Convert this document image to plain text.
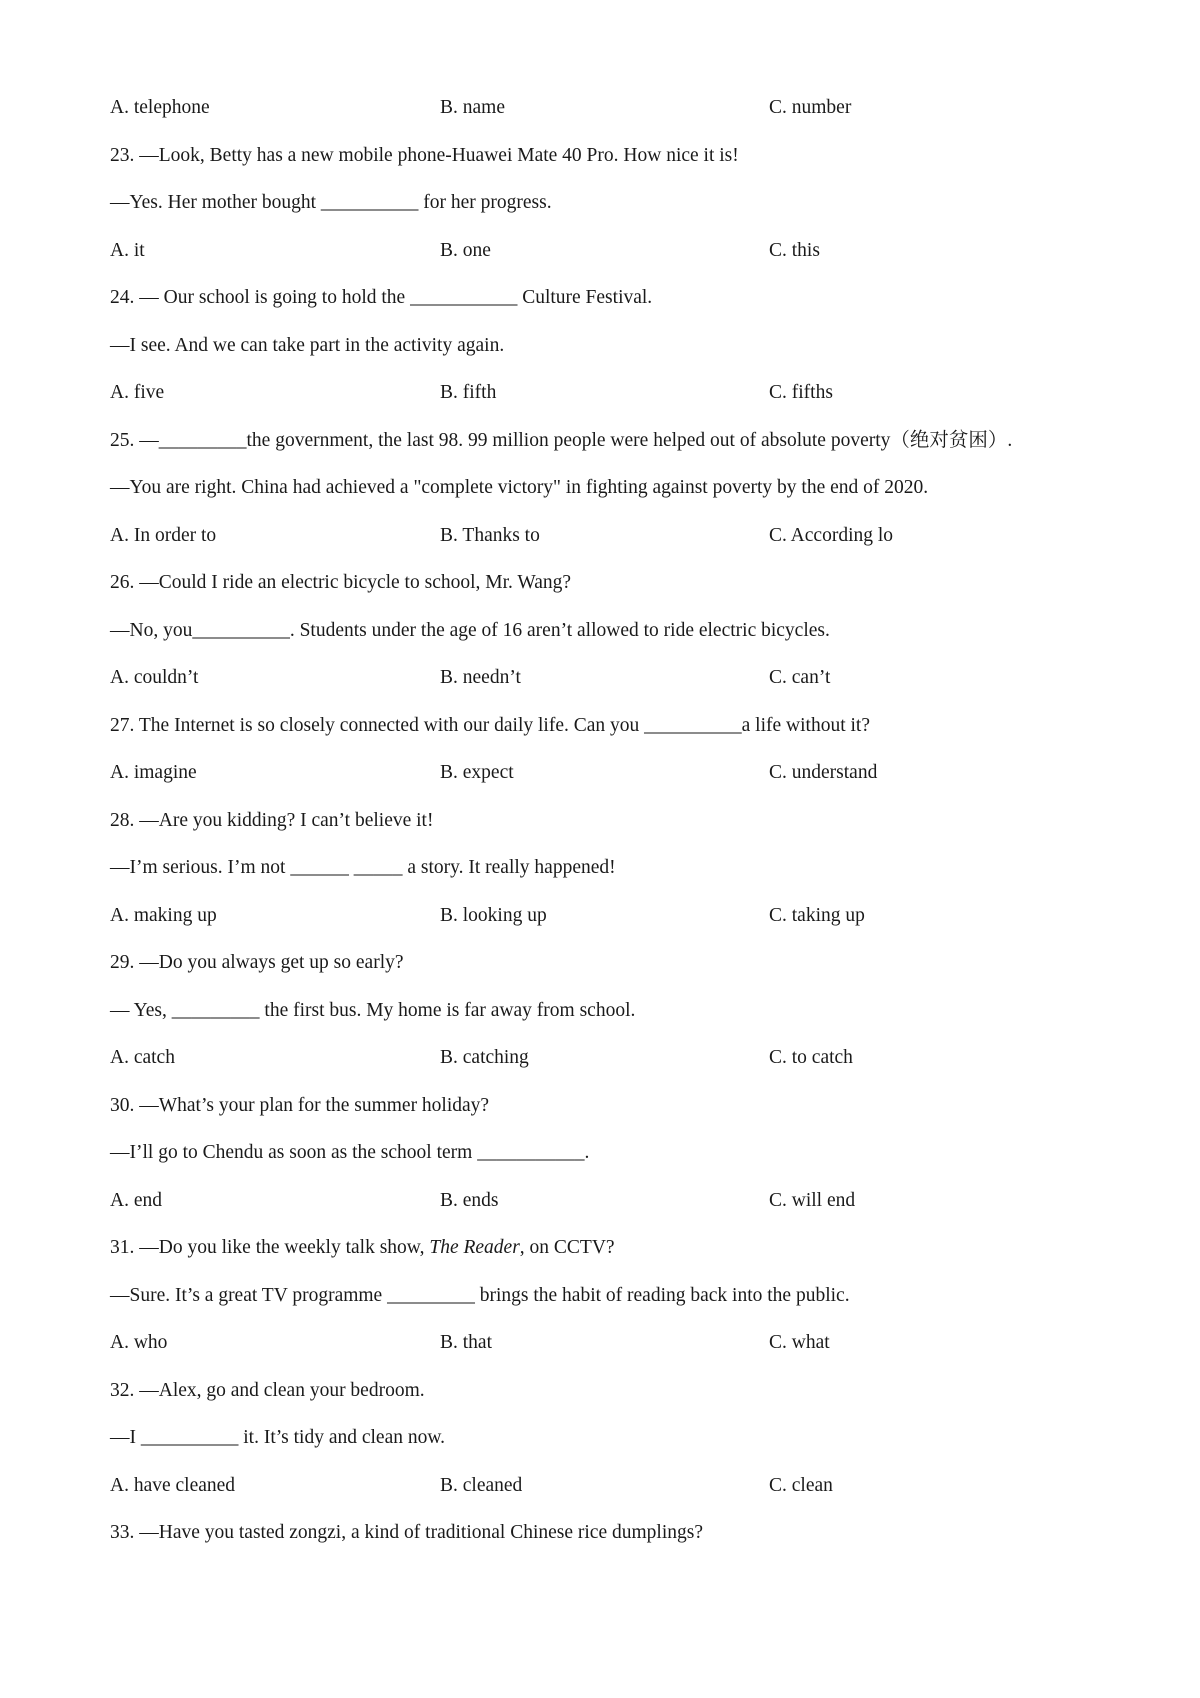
A. telephone	B. name	C. number
23. —Look, Betty has a new mobile phone-Huawei Mate 40 Pro. How nice it is!
—Yes. Her mother bought __________ for her progress.
A. it	B. one	C. this
24. — Our school is going to hold the ___________ Culture Festival.
—I see. And we can take part in the activity again.
A. five	B. fifth	C. fifths
25. —_________the government, the last 98. 99 million people were helped out of absolute poverty（绝对贫困）.
—You are right. China had achieved a "complete victory" in fighting against poverty by the end of 2020.
A. In order to	B. Thanks to	C. According lo
26. —Could I ride an electric bicycle to school, Mr. Wang?
—No, you__________. Students under the age of 16 aren’t allowed to ride electric bicycles.
A. couldn’t	B. needn’t	C. can’t
27. The Internet is so closely connected with our daily life. Can you __________a life without it?
A. imagine	B. expect	C. understand
28. —Are you kidding? I can’t believe it!
—I’m serious. I’m not ______ _____ a story. It really happened!
A. making up	B. looking up	C. taking up
29. —Do you always get up so early?
— Yes, _________ the first bus. My home is far away from school.
A. catch	B. catching	C. to catch
30. —What’s your plan for the summer holiday?
—I’ll go to Chendu as soon as the school term ___________.
A. end	B. ends	C. will end
31. —Do you like the weekly talk show, The Reader, on CCTV?
—Sure. It’s a great TV programme _________ brings the habit of reading back into the public.
A. who	B. that	C. what
32. —Alex, go and clean your bedroom.
—I __________ it. It’s tidy and clean now.
A. have cleaned	B. cleaned	C. clean
33. —Have you tasted zongzi, a kind of traditional Chinese rice dumplings?
